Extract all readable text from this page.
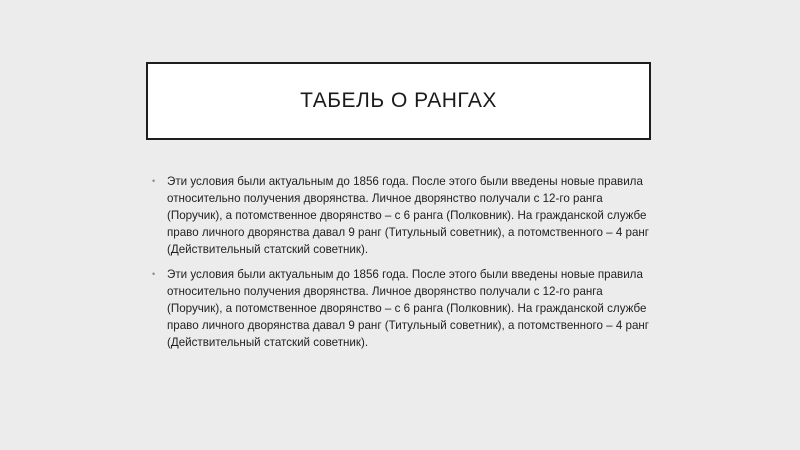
ТАБЕЛЬ О РАНГАХ
• Эти условия были актуальным до 1856 года. После этого были введены новые правила относительно получения дворянства. Личное дворянство получали с 12-го ранга (Поручик), а потомственное дворянство – с 6 ранга (Полковник). На гражданской службе право личного дворянства давал 9 ранг (Титульный советник), а потомственного – 4 ранг (Действительный статский советник).
• Эти условия были актуальным до 1856 года. После этого были введены новые правила относительно получения дворянства. Личное дворянство получали с 12-го ранга (Поручик), а потомственное дворянство – с 6 ранга (Полковник). На гражданской службе право личного дворянства давал 9 ранг (Титульный советник), а потомственного – 4 ранг (Действительный статский советник).
